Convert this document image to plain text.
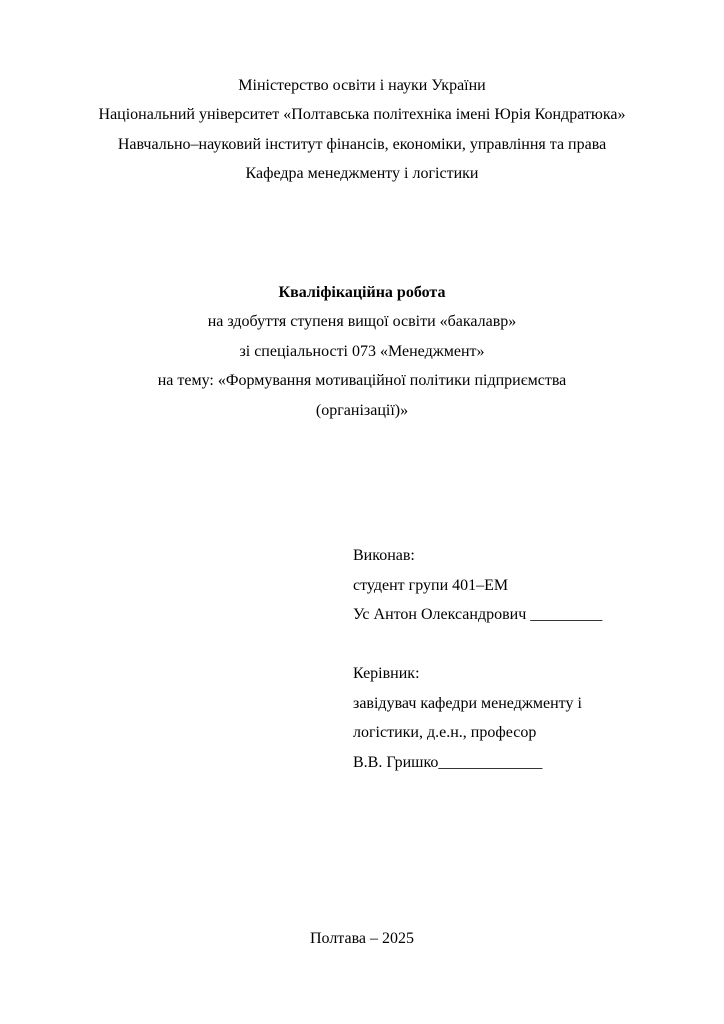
Міністерство освіти і науки України
Національний університет «Полтавська політехніка імені Юрія Кондратюка»
Навчально–науковий інститут фінансів, економіки, управління та права
Кафедра менеджменту і логістики
Кваліфікаційна робота
на здобуття ступеня вищої освіти «бакалавр»
зі спеціальності 073 «Менеджмент»
на тему: «Формування мотиваційної політики підприємства
(організації)»
Виконав:
студент групи 401–ЕМ
Ус Антон Олександрович _________
Керівник:
завідувач кафедри менеджменту і
логістики, д.е.н., професор
В.В. Гришко_____________
Полтава – 2025
